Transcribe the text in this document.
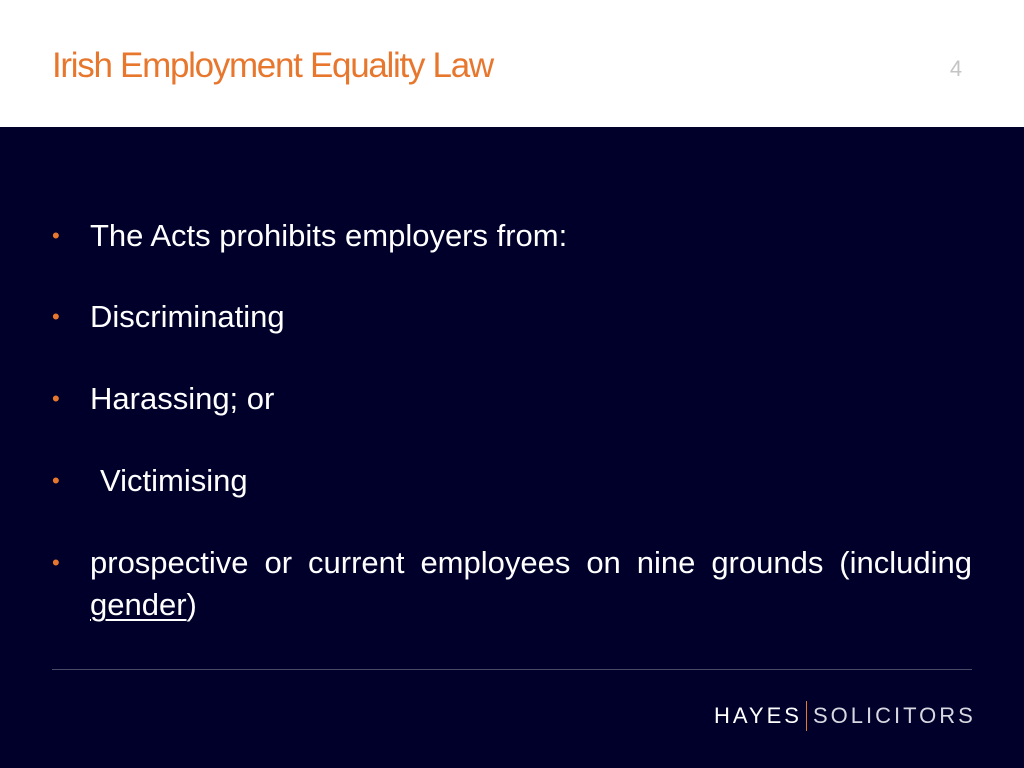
Irish Employment Equality Law	4
• The Acts prohibits employers from:
• Discriminating
• Harassing; or
• Victimising
• prospective or current employees on nine grounds (including gender)
HAYES SOLICITORS
